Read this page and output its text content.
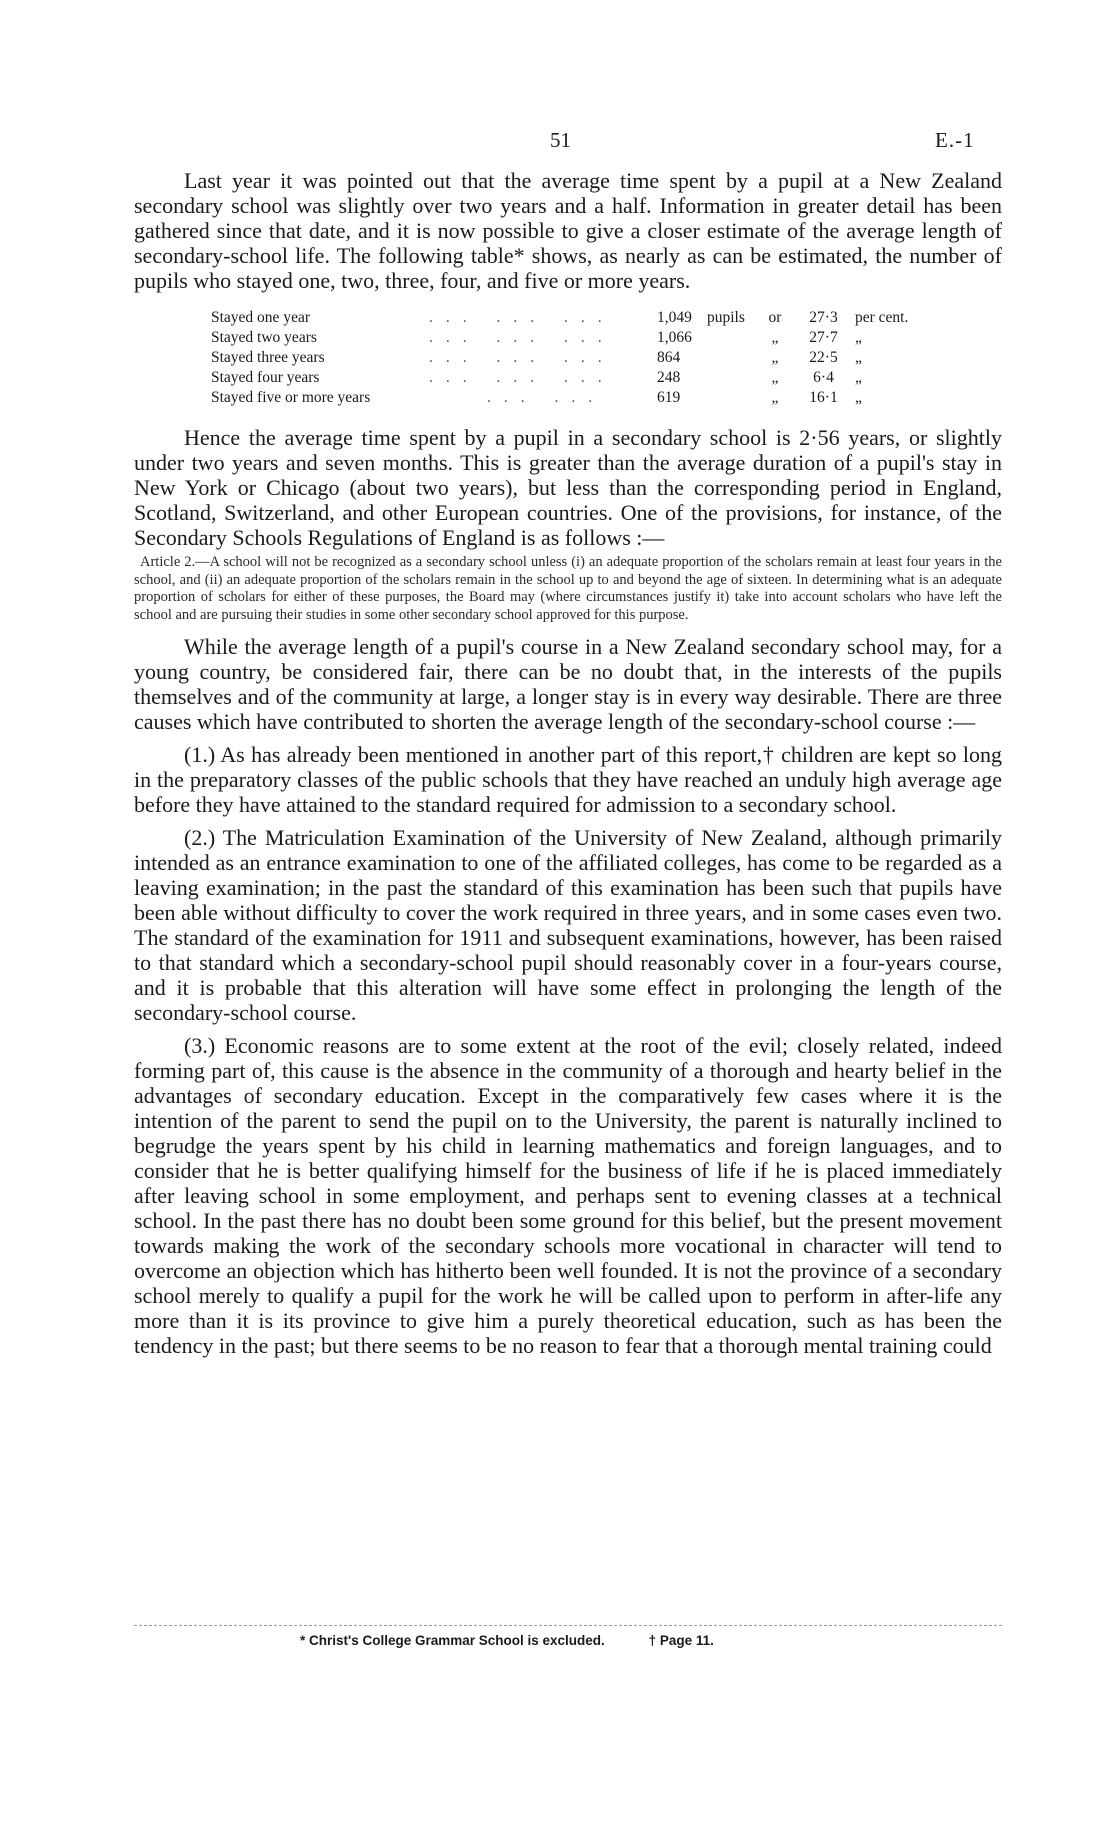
51	E.-1

Last year it was pointed out that the average time spent by a pupil at a New Zealand secondary school was slightly over two years and a half. Information in greater detail has been gathered since that date, and it is now possible to give a closer estimate of the average length of secondary-school life. The following table* shows, as nearly as can be estimated, the number of pupils who stayed one, two, three, four, and five or more years.

Stayed one year	... ... ...	1,049 pupils	or	27·3	per cent.
Stayed two years	... ... ...	1,066	„	27·7	„
Stayed three years	... ... ...	864	„	22·5	„
Stayed four years	... ... ...	248	„	6·4	„
Stayed five or more years	... ...	619	„	16·1	„

Hence the average time spent by a pupil in a secondary school is 2·56 years, or slightly under two years and seven months. This is greater than the average duration of a pupil's stay in New York or Chicago (about two years), but less than the corresponding period in England, Scotland, Switzerland, and other European countries. One of the provisions, for instance, of the Secondary Schools Regulations of England is as follows :—

Article 2.—A school will not be recognized as a secondary school unless (i) an adequate proportion of the scholars remain at least four years in the school, and (ii) an adequate proportion of the scholars remain in the school up to and beyond the age of sixteen. In determining what is an adequate proportion of scholars for either of these purposes, the Board may (where circumstances justify it) take into account scholars who have left the school and are pursuing their studies in some other secondary school approved for this purpose.

While the average length of a pupil's course in a New Zealand secondary school may, for a young country, be considered fair, there can be no doubt that, in the interests of the pupils themselves and of the community at large, a longer stay is in every way desirable. There are three causes which have contributed to shorten the average length of the secondary-school course :—

(1.) As has already been mentioned in another part of this report,† children are kept so long in the preparatory classes of the public schools that they have reached an unduly high average age before they have attained to the standard required for admission to a secondary school.

(2.) The Matriculation Examination of the University of New Zealand, although primarily intended as an entrance examination to one of the affiliated colleges, has come to be regarded as a leaving examination; in the past the standard of this examination has been such that pupils have been able without difficulty to cover the work required in three years, and in some cases even two. The standard of the examination for 1911 and subsequent examinations, however, has been raised to that standard which a secondary-school pupil should reasonably cover in a four-years course, and it is probable that this alteration will have some effect in prolonging the length of the secondary-school course.

(3.) Economic reasons are to some extent at the root of the evil; closely related, indeed forming part of, this cause is the absence in the community of a thorough and hearty belief in the advantages of secondary education. Except in the comparatively few cases where it is the intention of the parent to send the pupil on to the University, the parent is naturally inclined to begrudge the years spent by his child in learning mathematics and foreign languages, and to consider that he is better qualifying himself for the business of life if he is placed immediately after leaving school in some employment, and perhaps sent to evening classes at a technical school. In the past there has no doubt been some ground for this belief, but the present movement towards making the work of the secondary schools more vocational in character will tend to overcome an objection which has hitherto been well founded. It is not the province of a secondary school merely to qualify a pupil for the work he will be called upon to perform in after-life any more than it is its province to give him a purely theoretical education, such as has been the tendency in the past; but there seems to be no reason to fear that a thorough mental training could

* Christ's College Grammar School is excluded.	† Page 11.
